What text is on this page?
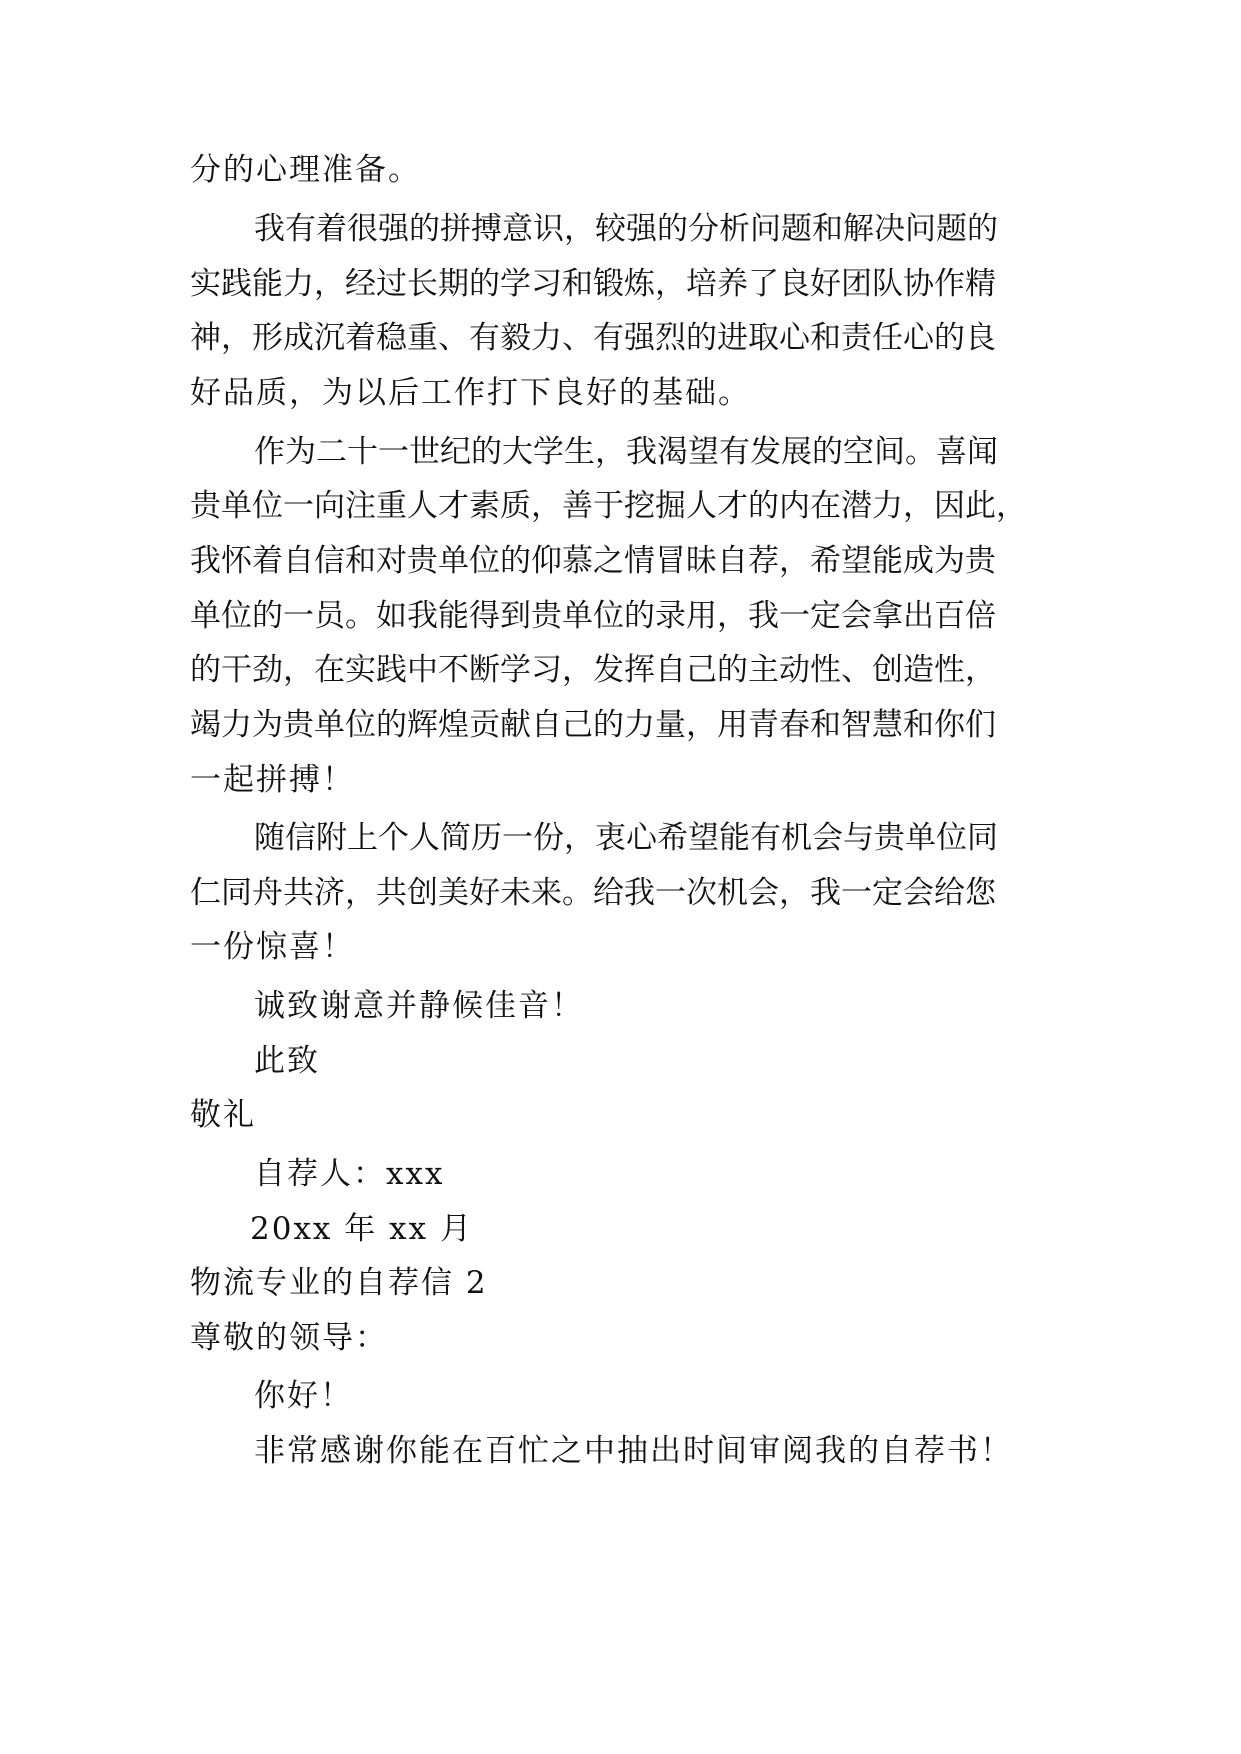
分的心理准备。
我有着很强的拼搏意识，较强的分析问题和解决问题的
实践能力，经过长期的学习和锻炼，培养了良好团队协作精
神，形成沉着稳重、有毅力、有强烈的进取心和责任心的良
好品质，为以后工作打下良好的基础。
作为二十一世纪的大学生，我渴望有发展的空间。喜闻
贵单位一向注重人才素质，善于挖掘人才的内在潜力，因此，
我怀着自信和对贵单位的仰慕之情冒昧自荐，希望能成为贵
单位的一员。如我能得到贵单位的录用，我一定会拿出百倍
的干劲，在实践中不断学习，发挥自己的主动性、创造性，
竭力为贵单位的辉煌贡献自己的力量，用青春和智慧和你们
一起拼搏！
随信附上个人简历一份，衷心希望能有机会与贵单位同
仁同舟共济，共创美好未来。给我一次机会，我一定会给您
一份惊喜！
诚致谢意并静候佳音！
此致
敬礼
自荐人：xxx
20xx 年 xx 月
物流专业的自荐信 2
尊敬的领导：
你好！
非常感谢你能在百忙之中抽出时间审阅我的自荐书！
